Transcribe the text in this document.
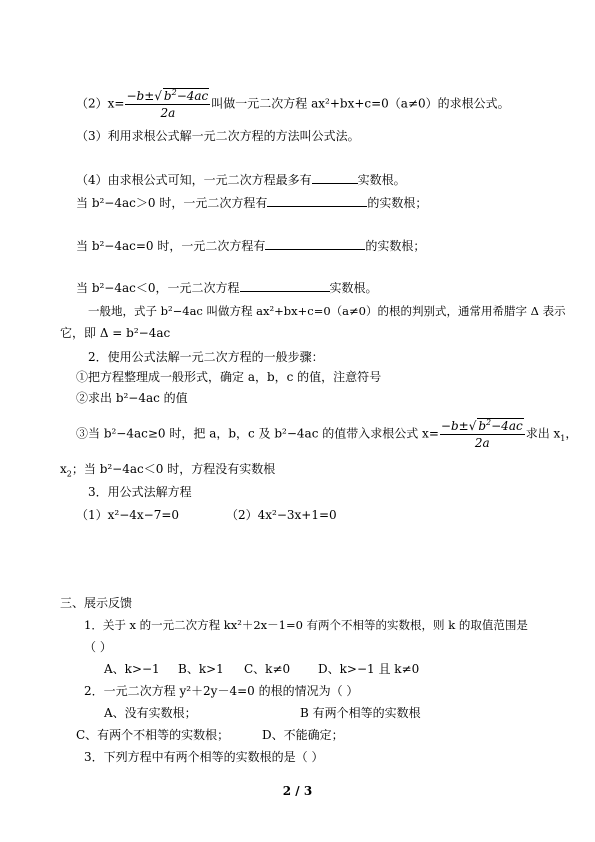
$(2)x= \frac{-b\pm√ b^2-4ac}{2a}$ 叫做一元二次方程 ax²+bx+c=0（a≠0）的求根公式。
（3）利用求根公式解一元二次方程的方法叫公式法。
（4）由求根公式可知，一元二次方程最多有	实数根。
当 b²−4ac＞0 时，一元二次方程有	的实数根；
当 b²−4ac=0 时，一元二次方程有	的实数根；
当 b²−4ac＜0，一元二次方程	实数根。
一般地，式子 b²−4ac 叫做方程 ax²+bx+c=0（a≠0）的根的判别式，通常用希腊字 Δ 表示
它，即 Δ = b²−4ac
2．使用公式法解一元二次方程的一般步骤：
①把方程整理成一般形式，确定 a，b，c 的值，注意符号
②求出 b²−4ac 的值
③当 b²−4ac≥0 时，把 a，b，c 及 b²−4ac 的值带入求根公式 $x= \frac{-b\pm√ b^2-4ac}{2a}$ 求出 $x_1$，
$x_2$；当 b²−4ac＜0 时，方程没有实数根
3．用公式法解方程
（1）x²−4x−7=0	（2）4x²−3x+1=0
三、展示反馈
1．关于 x 的一元二次方程 kx²＋2x－1=0 有两个不相等的实数根，则 k 的取值范围是
（ ）
A、k>−1 B、k>1 C、k≠0 D、k>−1 且 k≠0
2．一元二次方程 y²＋2y－4=0 的根的情况为（ ）
A、没有实数根；	B 有两个相等的实数根
C、有两个不相等的实数根；	D、不能确定；
3．下列方程中有两个相等的实数根的是（ ）
2 / 3
